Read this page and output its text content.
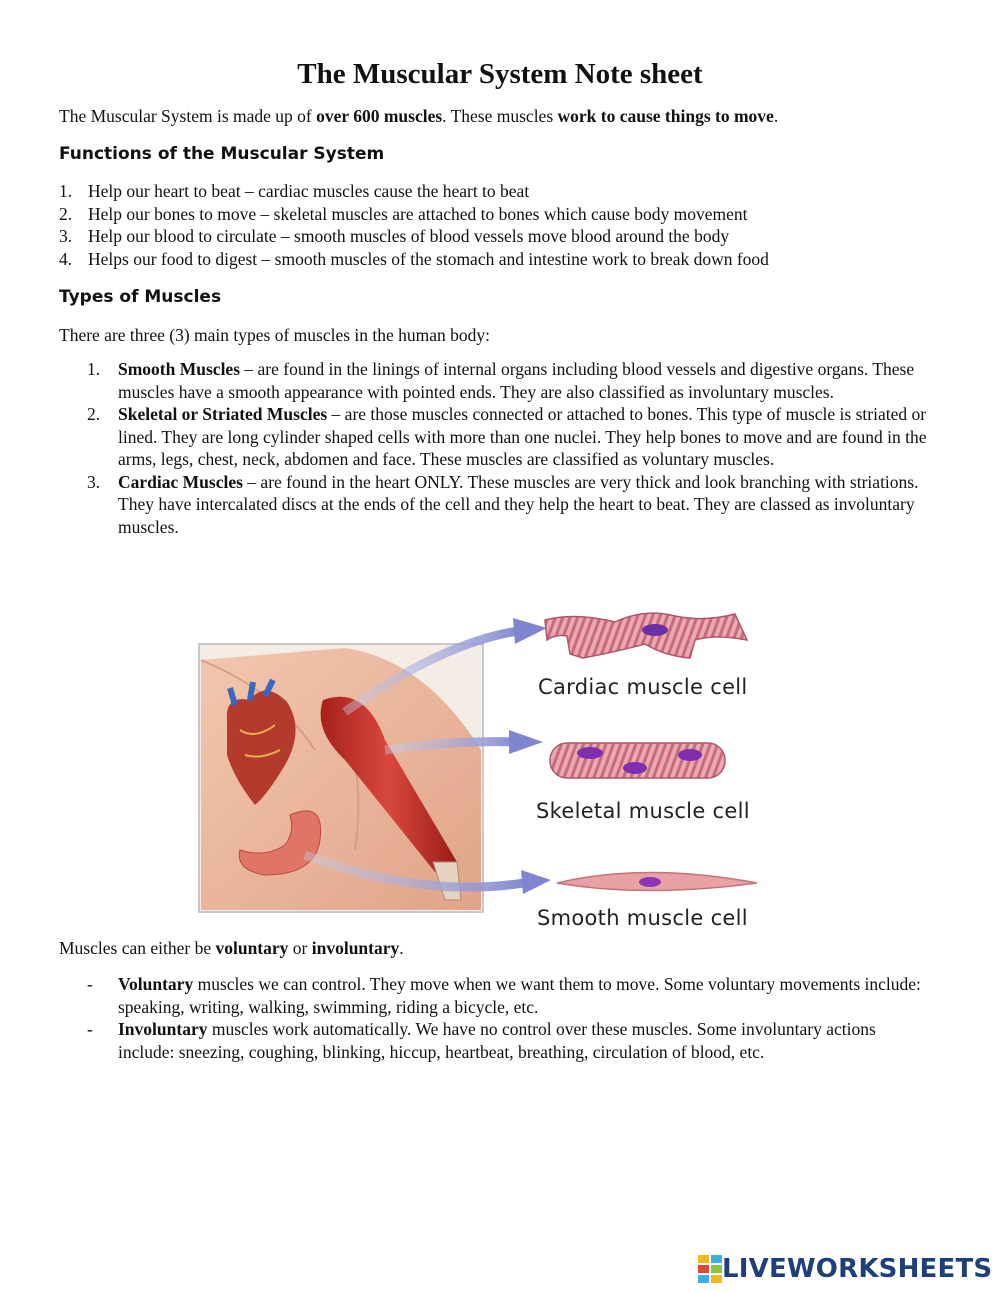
The Muscular System Note sheet
The Muscular System is made up of over 600 muscles. These muscles work to cause things to move.
Functions of the Muscular System
1. Help our heart to beat – cardiac muscles cause the heart to beat
2. Help our bones to move – skeletal muscles are attached to bones which cause body movement
3. Help our blood to circulate – smooth muscles of blood vessels move blood around the body
4. Helps our food to digest – smooth muscles of the stomach and intestine work to break down food
Types of Muscles
There are three (3) main types of muscles in the human body:
1. Smooth Muscles – are found in the linings of internal organs including blood vessels and digestive organs. These muscles have a smooth appearance with pointed ends. They are also classified as involuntary muscles.
2. Skeletal or Striated Muscles – are those muscles connected or attached to bones. This type of muscle is striated or lined. They are long cylinder shaped cells with more than one nuclei. They help bones to move and are found in the arms, legs, chest, neck, abdomen and face. These muscles are classified as voluntary muscles.
3. Cardiac Muscles – are found in the heart ONLY. These muscles are very thick and look branching with striations. They have intercalated discs at the ends of the cell and they help the heart to beat. They are classed as involuntary muscles.
Cardiac muscle cell
Skeletal muscle cell
Smooth muscle cell
Muscles can either be voluntary or involuntary.
- Voluntary muscles we can control. They move when we want them to move. Some voluntary movements include: speaking, writing, walking, swimming, riding a bicycle, etc.
- Involuntary muscles work automatically. We have no control over these muscles. Some involuntary actions include: sneezing, coughing, blinking, hiccup, heartbeat, breathing, circulation of blood, etc.
LIVEWORKSHEETS
